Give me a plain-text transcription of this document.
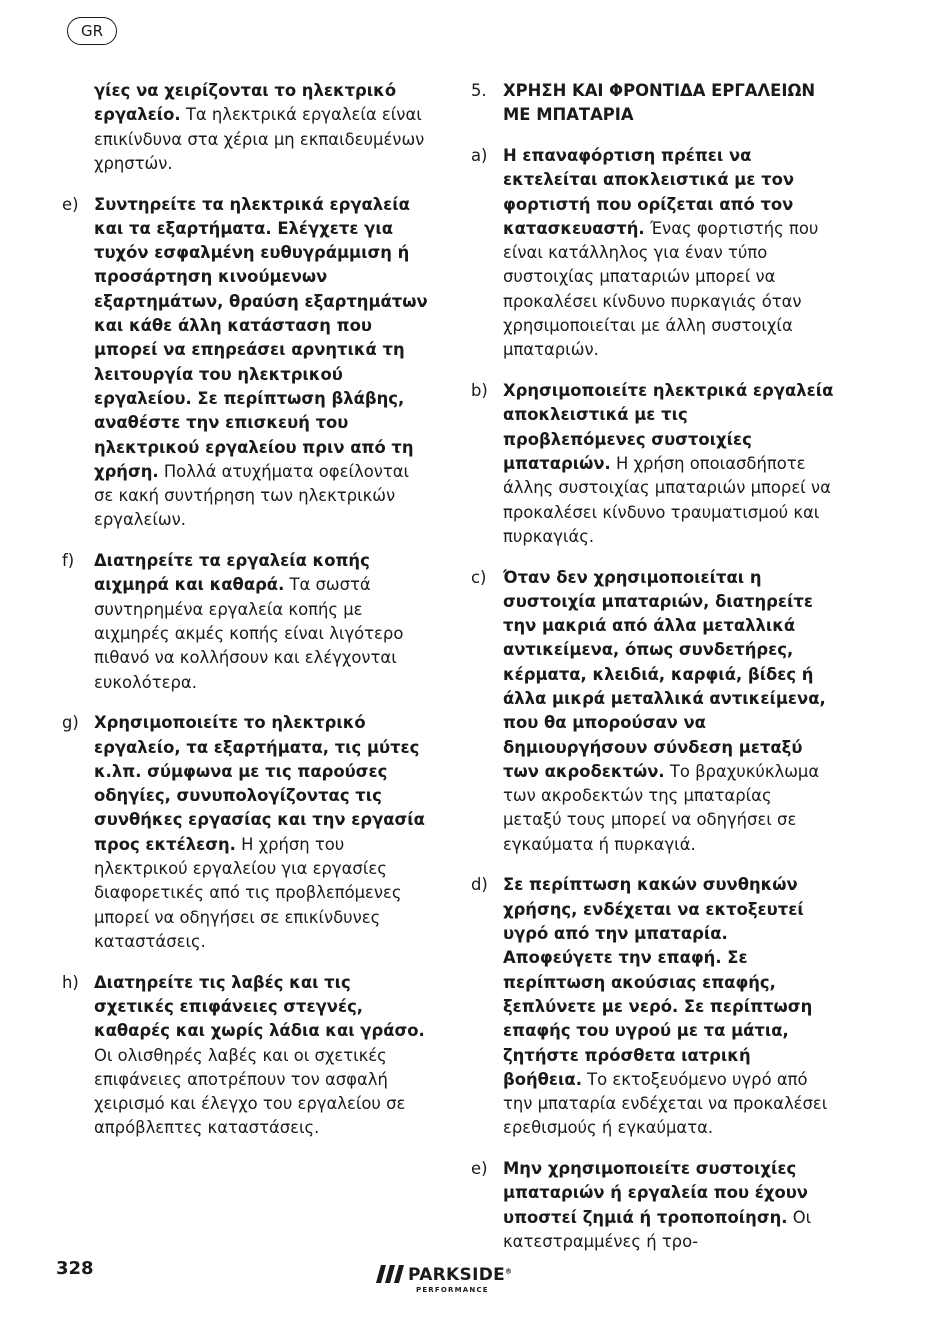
GR

γίες να χειρίζονται το ηλεκτρικό εργαλείο. Τα ηλεκτρικά εργαλεία είναι επικίνδυνα στα χέρια μη εκπαιδευμένων χρηστών.

e) Συντηρείτε τα ηλεκτρικά εργαλεία και τα εξαρτήματα. Ελέγχετε για τυχόν εσφαλμένη ευθυγράμμιση ή προσάρτηση κινούμενων εξαρτημάτων, θραύση εξαρτημάτων και κάθε άλλη κατάσταση που μπορεί να επηρεάσει αρνητικά τη λειτουργία του ηλεκτρικού εργαλείου. Σε περίπτωση βλάβης, αναθέστε την επισκευή του ηλεκτρικού εργαλείου πριν από τη χρήση. Πολλά ατυχήματα οφείλονται σε κακή συντήρηση των ηλεκτρικών εργαλείων.

f) Διατηρείτε τα εργαλεία κοπής αιχμηρά και καθαρά. Τα σωστά συντηρημένα εργαλεία κοπής με αιχμηρές ακμές κοπής είναι λιγότερο πιθανό να κολλήσουν και ελέγχονται ευκολότερα.

g) Χρησιμοποιείτε το ηλεκτρικό εργαλείο, τα εξαρτήματα, τις μύτες κ.λπ. σύμφωνα με τις παρούσες οδηγίες, συνυπολογίζοντας τις συνθήκες εργασίας και την εργασία προς εκτέλεση. Η χρήση του ηλεκτρικού εργαλείου για εργασίες διαφορετικές από τις προβλεπόμενες μπορεί να οδηγήσει σε επικίνδυνες καταστάσεις.

h) Διατηρείτε τις λαβές και τις σχετικές επιφάνειες στεγνές, καθαρές και χωρίς λάδια και γράσο. Οι ολισθηρές λαβές και οι σχετικές επιφάνειες αποτρέπουν τον ασφαλή χειρισμό και έλεγχο του εργαλείου σε απρόβλεπτες καταστάσεις.

5. ΧΡΗΣΗ ΚΑΙ ΦΡΟΝΤΙΔΑ ΕΡΓΑΛΕΙΩΝ ΜΕ ΜΠΑΤΑΡΙΑ

a) Η επαναφόρτιση πρέπει να εκτελείται αποκλειστικά με τον φορτιστή που ορίζεται από τον κατασκευαστή. Ένας φορτιστής που είναι κατάλληλος για έναν τύπο συστοιχίας μπαταριών μπορεί να προκαλέσει κίνδυνο πυρκαγιάς όταν χρησιμοποιείται με άλλη συστοιχία μπαταριών.

b) Χρησιμοποιείτε ηλεκτρικά εργαλεία αποκλειστικά με τις προβλεπόμενες συστοιχίες μπαταριών. Η χρήση οποιασδήποτε άλλης συστοιχίας μπαταριών μπορεί να προκαλέσει κίνδυνο τραυματισμού και πυρκαγιάς.

c) Όταν δεν χρησιμοποιείται η συστοιχία μπαταριών, διατηρείτε την μακριά από άλλα μεταλλικά αντικείμενα, όπως συνδετήρες, κέρματα, κλειδιά, καρφιά, βίδες ή άλλα μικρά μεταλλικά αντικείμενα, που θα μπορούσαν να δημιουργήσουν σύνδεση μεταξύ των ακροδεκτών. Το βραχυκύκλωμα των ακροδεκτών της μπαταρίας μεταξύ τους μπορεί να οδηγήσει σε εγκαύματα ή πυρκαγιά.

d) Σε περίπτωση κακών συνθηκών χρήσης, ενδέχεται να εκτοξευτεί υγρό από την μπαταρία. Αποφεύγετε την επαφή. Σε περίπτωση ακούσιας επαφής, ξεπλύνετε με νερό. Σε περίπτωση επαφής του υγρού με τα μάτια, ζητήστε πρόσθετα ιατρική βοήθεια. Το εκτοξευόμενο υγρό από την μπαταρία ενδέχεται να προκαλέσει ερεθισμούς ή εγκαύματα.

e) Μην χρησιμοποιείτε συστοιχίες μπαταριών ή εργαλεία που έχουν υποστεί ζημιά ή τροποποίηση. Οι κατεστραμμένες ή τρο-

328	PARKSIDE®
PERFORMANCE
